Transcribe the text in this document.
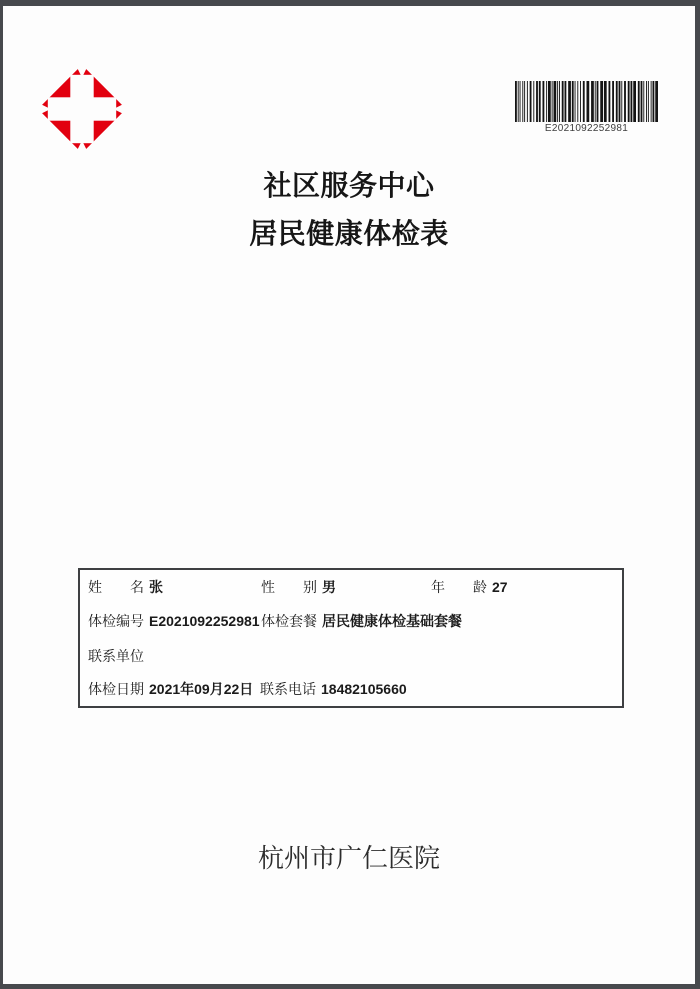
E2021092252981
社区服务中心
居民健康体检表
姓　　名 张	性　　别 男	年　　龄 27
体检编号 E2021092252981 体检套餐 居民健康体检基础套餐
联系单位
体检日期 2021年09月22日 联系电话 18482105660
杭州市广仁医院
